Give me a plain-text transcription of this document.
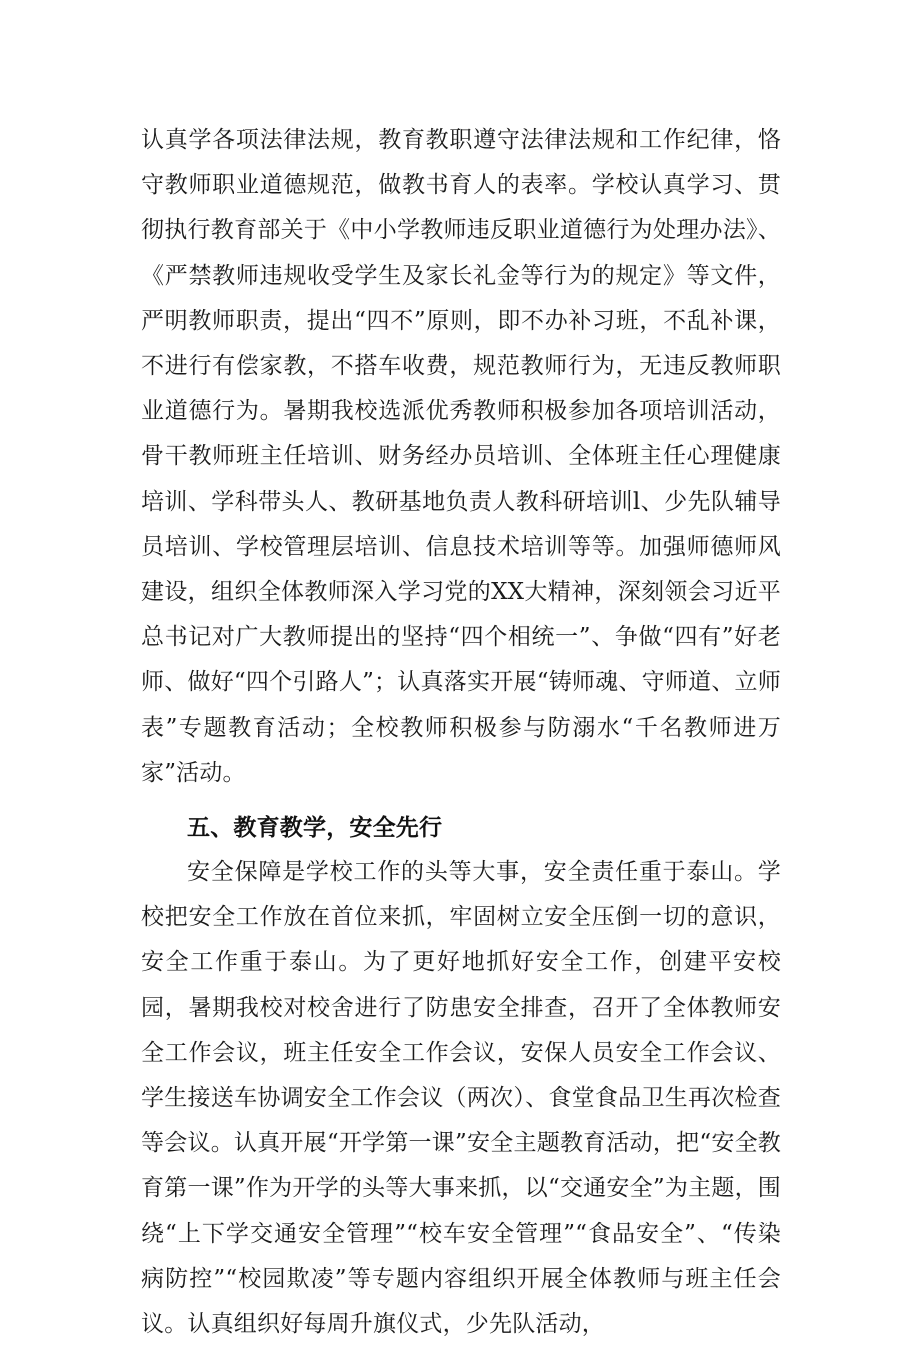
认真学各项法律法规，教育教职遵守法律法规和工作纪律，恪守教师职业道德规范，做教书育人的表率。学校认真学习、贯彻执行教育部关于《中小学教师违反职业道德行为处理办法》、《严禁教师违规收受学生及家长礼金等行为的规定》等文件，严明教师职责，提出“四不”原则，即不办补习班，不乱补课，不进行有偿家教，不搭车收费，规范教师行为，无违反教师职业道德行为。暑期我校选派优秀教师积极参加各项培训活动，骨干教师班主任培训、财务经办员培训、全体班主任心理健康培训、学科带头人、教研基地负责人教科研培训l、少先队辅导员培训、学校管理层培训、信息技术培训等等。加强师德师风建设，组织全体教师深入学习党的XX大精神，深刻领会习近平总书记对广大教师提出的坚持“四个相统一”、争做“四有”好老师、做好“四个引路人”；认真落实开展“铸师魂、守师道、立师表”专题教育活动；全校教师积极参与防溺水“千名教师进万家”活动。

五、教育教学，安全先行

安全保障是学校工作的头等大事，安全责任重于泰山。学校把安全工作放在首位来抓，牢固树立安全压倒一切的意识，安全工作重于泰山。为了更好地抓好安全工作，创建平安校园，暑期我校对校舍进行了防患安全排查，召开了全体教师安全工作会议，班主任安全工作会议，安保人员安全工作会议、学生接送车协调安全工作会议（两次）、食堂食品卫生再次检查等会议。认真开展“开学第一课”安全主题教育活动，把“安全教育第一课”作为开学的头等大事来抓，以“交通安全”为主题，围绕“上下学交通安全管理”“校车安全管理”“食品安全”、“传染病防控”“校园欺凌”等专题内容组织开展全体教师与班主任会议。认真组织好每周升旗仪式，少先队活动，
